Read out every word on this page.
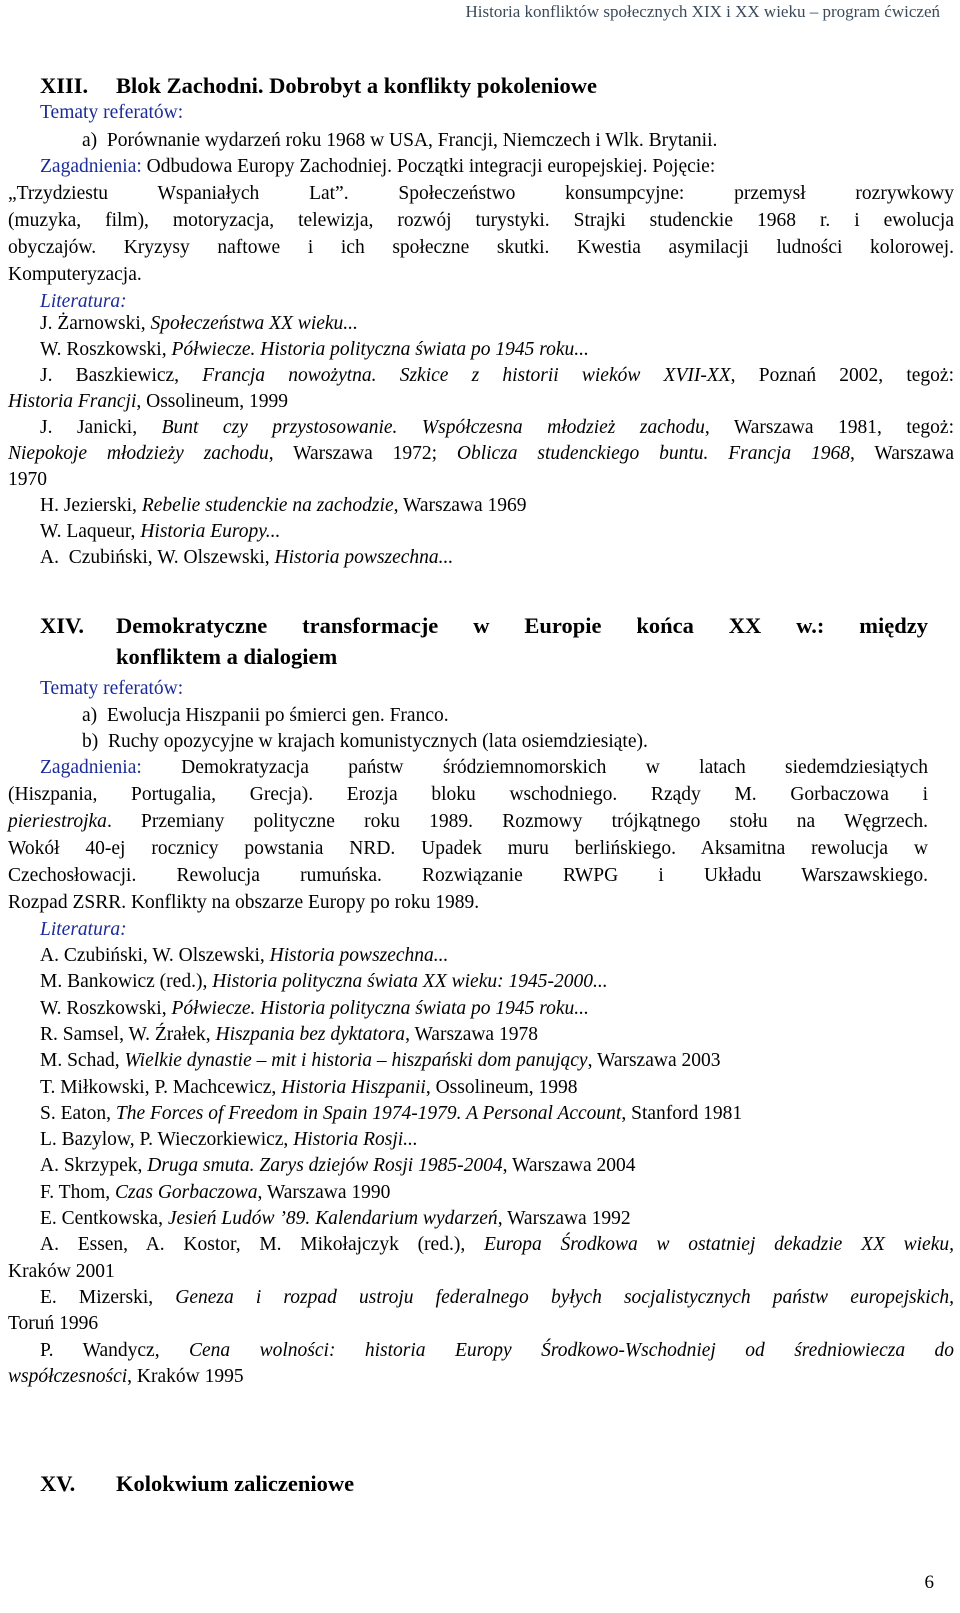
Historia konfliktów społecznych XIX i XX wieku – program ćwiczeń
XIII. Blok Zachodni. Dobrobyt a konflikty pokoleniowe
Tematy referatów:
a) Porównanie wydarzeń roku 1968 w USA, Francji, Niemczech i Wlk. Brytanii.
Zagadnienia: Odbudowa Europy Zachodniej. Początki integracji europejskiej. Pojęcie:
„Trzydziestu Wspaniałych Lat”. Społeczeństwo konsumpcyjne: przemysł rozrywkowy
(muzyka, film), motoryzacja, telewizja, rozwój turystyki. Strajki studenckie 1968 r. i ewolucja
obyczajów. Kryzysy naftowe i ich społeczne skutki. Kwestia asymilacji ludności kolorowej.
Komputeryzacja.
Literatura:
J. Żarnowski, Społeczeństwa XX wieku...
W. Roszkowski, Półwiecze. Historia polityczna świata po 1945 roku...
J. Baszkiewicz, Francja nowożytna. Szkice z historii wieków XVII-XX, Poznań 2002, tegoż:
Historia Francji, Ossolineum, 1999
J. Janicki, Bunt czy przystosowanie. Współczesna młodzież zachodu, Warszawa 1981, tegoż:
Niepokoje młodzieży zachodu, Warszawa 1972; Oblicza studenckiego buntu. Francja 1968, Warszawa
1970
H. Jezierski, Rebelie studenckie na zachodzie, Warszawa 1969
W. Laqueur, Historia Europy...
A. Czubiński, W. Olszewski, Historia powszechna...
XIV. Demokratyczne transformacje w Europie końca XX w.: między
konfliktem a dialogiem
Tematy referatów:
a) Ewolucja Hiszpanii po śmierci gen. Franco.
b) Ruchy opozycyjne w krajach komunistycznych (lata osiemdziesiąte).
Zagadnienia: Demokratyzacja państw śródziemnomorskich w latach siedemdziesiątych
(Hiszpania, Portugalia, Grecja). Erozja bloku wschodniego. Rządy M. Gorbaczowa i
pieriestrojka. Przemiany polityczne roku 1989. Rozmowy trójkątnego stołu na Węgrzech.
Wokół 40-ej rocznicy powstania NRD. Upadek muru berlińskiego. Aksamitna rewolucja w
Czechosłowacji. Rewolucja rumuńska. Rozwiązanie RWPG i Układu Warszawskiego.
Rozpad ZSRR. Konflikty na obszarze Europy po roku 1989.
Literatura:
A. Czubiński, W. Olszewski, Historia powszechna...
M. Bankowicz (red.), Historia polityczna świata XX wieku: 1945-2000...
W. Roszkowski, Półwiecze. Historia polityczna świata po 1945 roku...
R. Samsel, W. Źrałek, Hiszpania bez dyktatora, Warszawa 1978
M. Schad, Wielkie dynastie – mit i historia – hiszpański dom panujący, Warszawa 2003
T. Miłkowski, P. Machcewicz, Historia Hiszpanii, Ossolineum, 1998
S. Eaton, The Forces of Freedom in Spain 1974-1979. A Personal Account, Stanford 1981
L. Bazylow, P. Wieczorkiewicz, Historia Rosji...
A. Skrzypek, Druga smuta. Zarys dziejów Rosji 1985-2004, Warszawa 2004
F. Thom, Czas Gorbaczowa, Warszawa 1990
E. Centkowska, Jesień Ludów ’89. Kalendarium wydarzeń, Warszawa 1992
A. Essen, A. Kostor, M. Mikołajczyk (red.), Europa Środkowa w ostatniej dekadzie XX wieku,
Kraków 2001
E. Mizerski, Geneza i rozpad ustroju federalnego byłych socjalistycznych państw europejskich,
Toruń 1996
P. Wandycz, Cena wolności: historia Europy Środkowo-Wschodniej od średniowiecza do
współczesności, Kraków 1995
XV. Kolokwium zaliczeniowe
6
